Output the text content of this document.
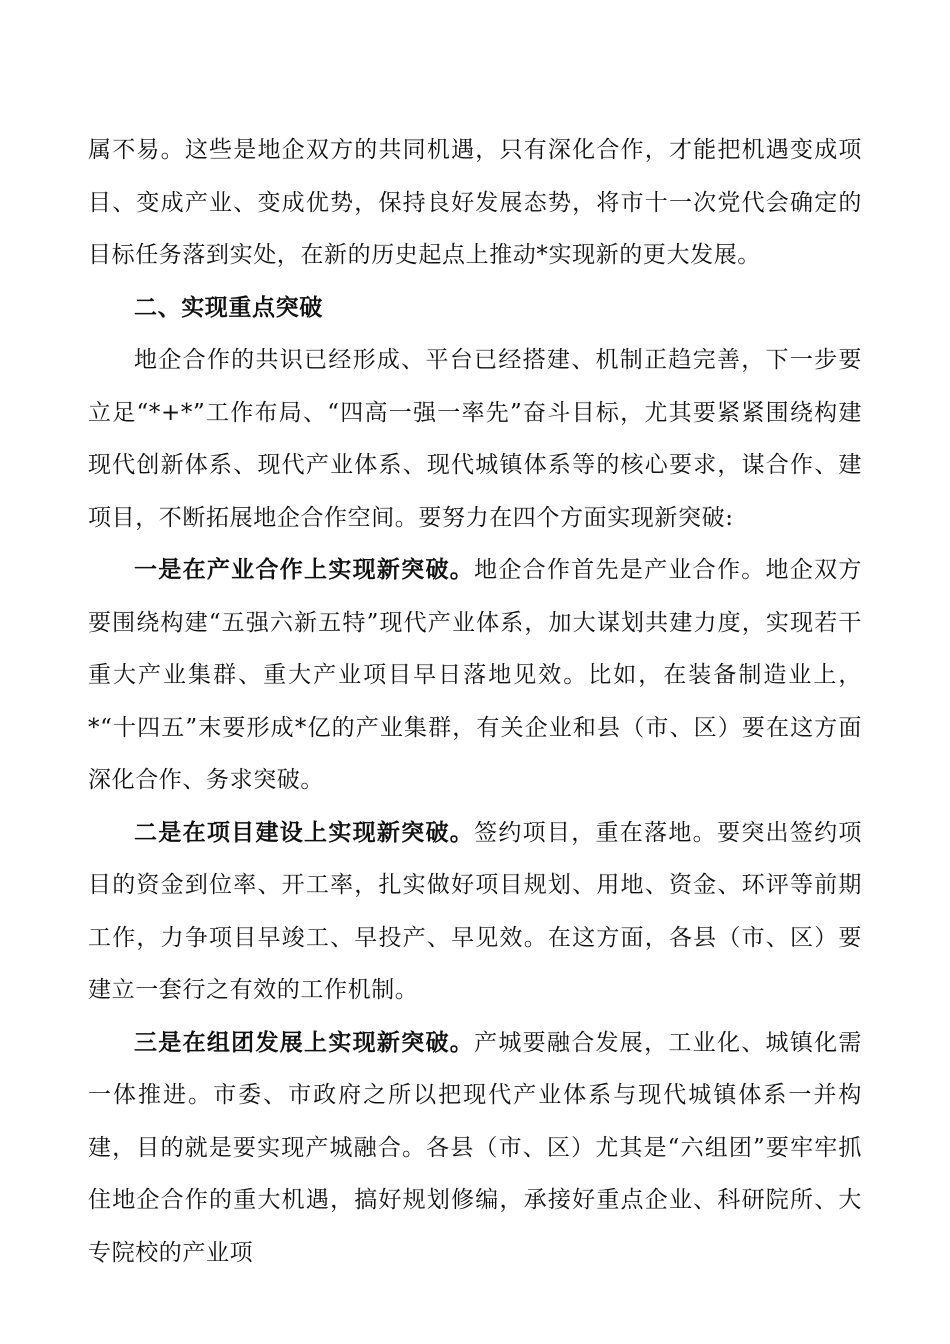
属不易。这些是地企双方的共同机遇，只有深化合作，才能把机遇变成项目、变成产业、变成优势，保持良好发展态势，将市十一次党代会确定的目标任务落到实处，在新的历史起点上推动*实现新的更大发展。

二、实现重点突破

地企合作的共识已经形成、平台已经搭建、机制正趋完善，下一步要立足“*+*”工作布局、“四高一强一率先”奋斗目标，尤其要紧紧围绕构建现代创新体系、现代产业体系、现代城镇体系等的核心要求，谋合作、建项目，不断拓展地企合作空间。要努力在四个方面实现新突破:

一是在产业合作上实现新突破。地企合作首先是产业合作。地企双方要围绕构建“五强六新五特”现代产业体系，加大谋划共建力度，实现若干重大产业集群、重大产业项目早日落地见效。比如，在装备制造业上，*“十四五”末要形成*亿的产业集群，有关企业和县（市、区）要在这方面深化合作、务求突破。

二是在项目建设上实现新突破。签约项目，重在落地。要突出签约项目的资金到位率、开工率，扎实做好项目规划、用地、资金、环评等前期工作，力争项目早竣工、早投产、早见效。在这方面，各县（市、区）要建立一套行之有效的工作机制。

三是在组团发展上实现新突破。产城要融合发展，工业化、城镇化需一体推进。市委、市政府之所以把现代产业体系与现代城镇体系一并构建，目的就是要实现产城融合。各县（市、区）尤其是“六组团”要牢牢抓住地企合作的重大机遇，搞好规划修编，承接好重点企业、科研院所、大专院校的产业项
